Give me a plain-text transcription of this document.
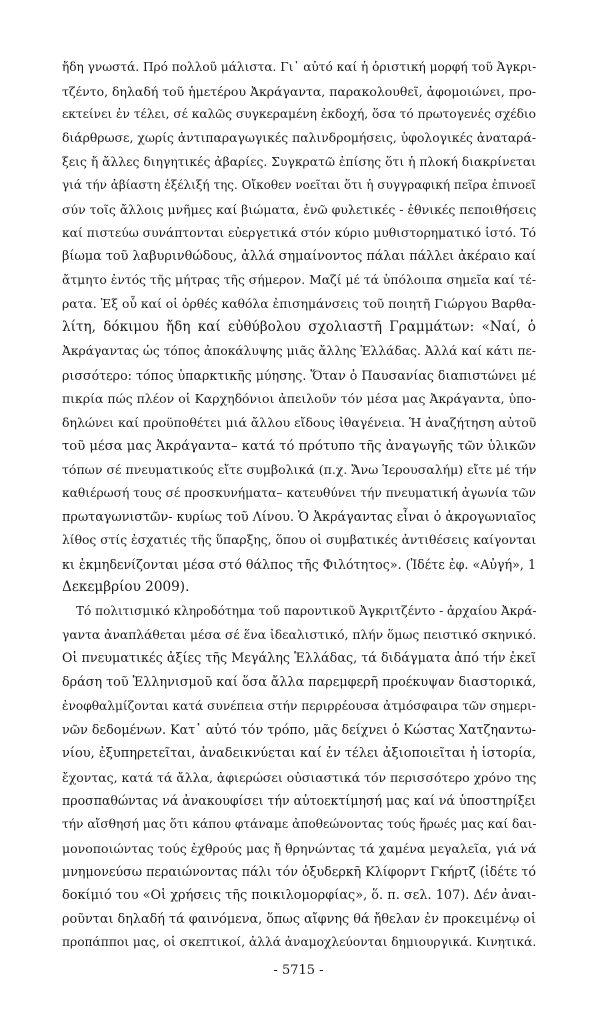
ἤδη γνωστά. Πρό πολλοῦ μάλιστα. Γι᾽ αὐτό καί ἡ ὁριστική μορφή τοῦ Ἀγκρι-
τζέντο, δηλαδή τοῦ ἡμετέρου Ἀκράγαντα, παρακολουθεῖ, ἀφομοιώνει, προ-
εκτείνει ἐν τέλει, σέ καλῶς συγκεραμένη ἐκδοχή, ὅσα τό πρωτογενές σχέδιο
διάρθρωσε, χωρίς ἀντιπαραγωγικές παλινδρομήσεις, ὑφολογικές ἀναταρά-
ξεις ἤ ἄλλες διηγητικές ἀβαρίες. Συγκρατῶ ἐπίσης ὅτι ἡ πλοκή διακρίνεται
γιά τήν ἀβίαστη ἐξέλιξή της. Οἴκοθεν νοεῖται ὅτι ἡ συγγραφική πεῖρα ἐπινοεῖ
σύν τοῖς ἄλλοις μνῆμες καί βιώματα, ἐνῶ φυλετικές - ἐθνικές πεποιθήσεις
καί πιστεύω συνάπτονται εὐεργετικά στόν κύριο μυθιστορηματικό ἱστό. Τό
βίωμα τοῦ λαβυρινθώδους, ἀλλά σημαίνοντος πάλαι πάλλει ἀκέραιο καί
ἄτμητο ἐντός τῆς μήτρας τῆς σήμερον. Μαζί μέ τά ὑπόλοιπα σημεῖα καί τέ-
ρατα. Ἐξ οὗ καί οἱ ὀρθές καθόλα ἐπισημάνσεις τοῦ ποιητῆ Γιώργου Βαρθα-
λίτη, δόκιμου ἤδη καί εὐθύβολου σχολιαστῆ Γραμμάτων: «Ναί, ὁ
Ἀκράγαντας ὡς τόπος ἀποκάλυψης μιᾶς ἄλλης Ἑλλάδας. Ἀλλά καί κάτι πε-
ρισσότερο: τόπος ὑπαρκτικῆς μύησης. Ὅταν ὁ Παυσανίας διαπιστώνει μέ
πικρία πώς πλέον οἱ Καρχηδόνιοι ἀπειλοῦν τόν μέσα μας Ἀκράγαντα, ὑπο-
δηλώνει καί προϋποθέτει μιά ἄλλου εἴδους ἰθαγένεια. Ἡ ἀναζήτηση αὐτοῦ
τοῦ μέσα μας Ἀκράγαντα– κατά τό πρότυπο τῆς ἀναγωγῆς τῶν ὑλικῶν
τόπων σέ πνευματικούς εἴτε συμβολικά (π.χ. Ἄνω Ἱερουσαλήμ) εἴτε μέ τήν
καθιέρωσή τους σέ προσκυνήματα– κατευθύνει τήν πνευματική ἀγωνία τῶν
πρωταγωνιστῶν- κυρίως τοῦ Λίνου. Ὁ Ἀκράγαντας εἶναι ὁ ἀκρογωνιαῖος
λίθος στίς ἐσχατιές τῆς ὕπαρξης, ὅπου οἱ συμβατικές ἀντιθέσεις καίγονται
κι ἐκμηδενίζονται μέσα στό θάλπος τῆς Φιλότητος». (Ἰδέτε ἐφ. «Αὐγή», 1
Δεκεμβρίου 2009).
Τό πολιτισμικό κληροδότημα τοῦ παροντικοῦ Ἀγκριτζέντο - ἀρχαίου Ἀκρά-
γαντα ἀναπλάθεται μέσα σέ ἕνα ἰδεαλιστικό, πλήν ὅμως πειστικό σκηνικό.
Οἱ πνευματικές ἀξίες τῆς Μεγάλης Ἑλλάδας, τά διδάγματα ἀπό τήν ἐκεῖ
δράση τοῦ Ἑλληνισμοῦ καί ὅσα ἄλλα παρεμφερῆ προέκυψαν διαστορικά,
ἐνοφθαλμίζονται κατά συνέπεια στήν περιρρέουσα ἀτμόσφαιρα τῶν σημερι-
νῶν δεδομένων. Κατ᾽ αὐτό τόν τρόπο, μᾶς δείχνει ὁ Κώστας Χατζηαντω-
νίου, ἐξυπηρετεῖται, ἀναδεικνύεται καί ἐν τέλει ἀξιοποιεῖται ἡ ἱστορία,
ἔχοντας, κατά τά ἄλλα, ἀφιερώσει οὐσιαστικά τόν περισσότερο χρόνο της
προσπαθώντας νά ἀνακουφίσει τήν αὐτοεκτίμησή μας καί νά ὑποστηρίξει
τήν αἴσθησή μας ὅτι κάπου φτάναμε ἀποθεώνοντας τούς ἥρωές μας καί δαι-
μονοποιώντας τούς ἐχθρούς μας ἤ θρηνώντας τά χαμένα μεγαλεῖα, γιά νά
μνημονεύσω περαιώνοντας πάλι τόν ὀξυδερκῆ Κλίφορντ Γκήρτζ (ἰδέτε τό
δοκίμιό του «Οἱ χρήσεις τῆς ποικιλομορφίας», ὅ. π. σελ. 107). Δέν ἀναι-
ροῦνται δηλαδή τά φαινόμενα, ὅπως αἴφνης θά ἤθελαν ἐν προκειμένῳ οἱ
προπάπποι μας, οἱ σκεπτικοί, ἀλλά ἀναμοχλεύονται δημιουργικά. Κινητικά.
- 5715 -
